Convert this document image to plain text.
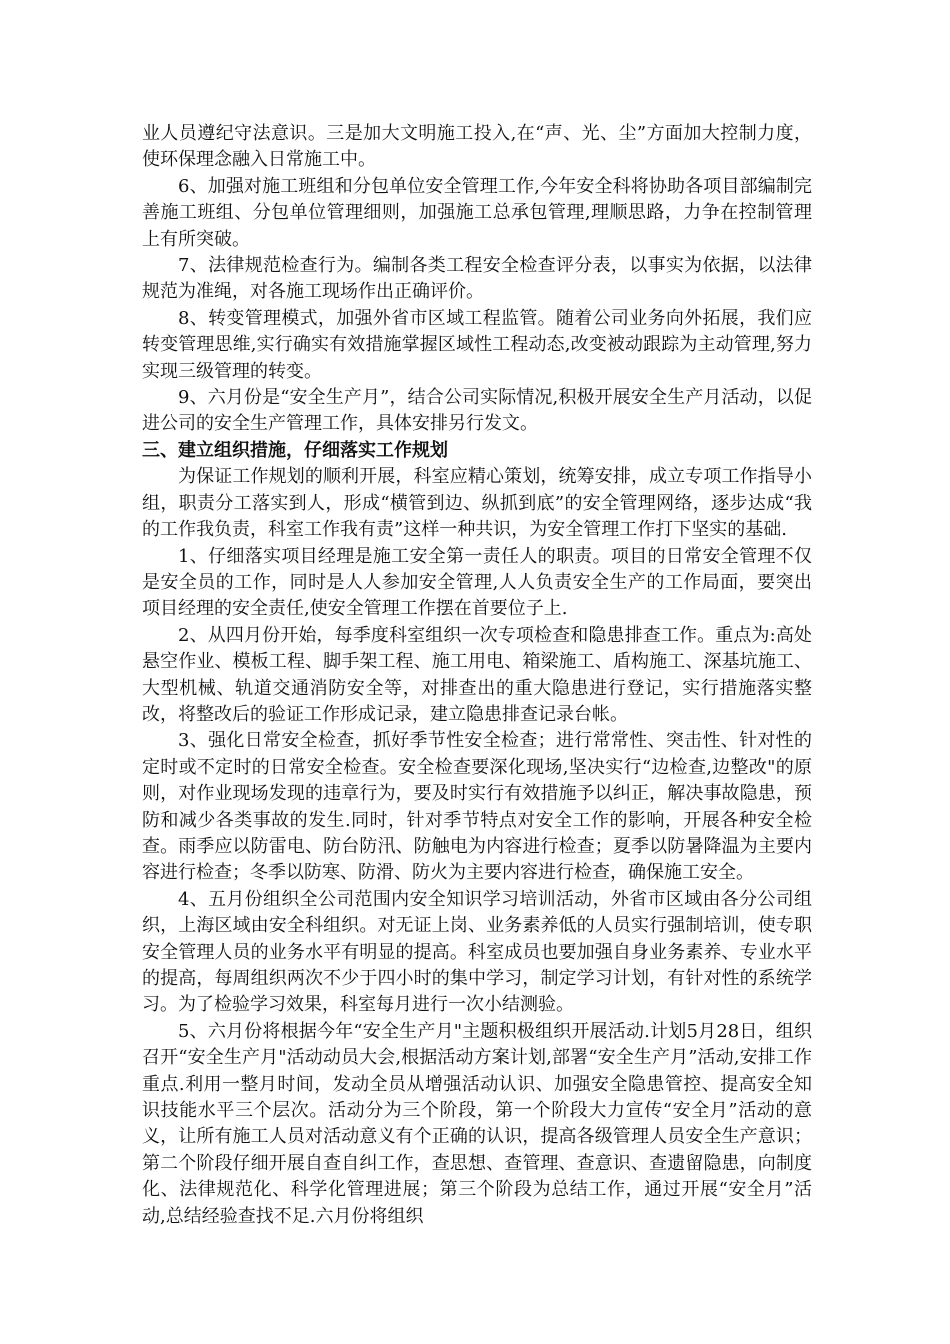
业人员遵纪守法意识。三是加大文明施工投入,在“声、光、尘”方面加大控制力度，使环保理念融入日常施工中。

6、加强对施工班组和分包单位安全管理工作,今年安全科将协助各项目部编制完善施工班组、分包单位管理细则，加强施工总承包管理,理顺思路，力争在控制管理上有所突破。

7、法律规范检查行为。编制各类工程安全检查评分表，以事实为依据，以法律规范为准绳，对各施工现场作出正确评价。

8、转变管理模式，加强外省市区域工程监管。随着公司业务向外拓展，我们应转变管理思维,实行确实有效措施掌握区域性工程动态,改变被动跟踪为主动管理,努力实现三级管理的转变。

9、六月份是“安全生产月”，结合公司实际情况,积极开展安全生产月活动，以促进公司的安全生产管理工作，具体安排另行发文。

三、建立组织措施，仔细落实工作规划

为保证工作规划的顺利开展，科室应精心策划，统筹安排，成立专项工作指导小组，职责分工落实到人，形成“横管到边、纵抓到底”的安全管理网络，逐步达成“我的工作我负责，科室工作我有责”这样一种共识，为安全管理工作打下坚实的基础.

1、仔细落实项目经理是施工安全第一责任人的职责。项目的日常安全管理不仅是安全员的工作，同时是人人参加安全管理,人人负责安全生产的工作局面，要突出项目经理的安全责任,使安全管理工作摆在首要位子上.

2、从四月份开始，每季度科室组织一次专项检查和隐患排查工作。重点为:高处悬空作业、模板工程、脚手架工程、施工用电、箱梁施工、盾构施工、深基坑施工、大型机械、轨道交通消防安全等，对排查出的重大隐患进行登记，实行措施落实整改，将整改后的验证工作形成记录，建立隐患排查记录台帐。

3、强化日常安全检查，抓好季节性安全检查；进行常常性、突击性、针对性的定时或不定时的日常安全检查。安全检查要深化现场,坚决实行“边检查,边整改"的原则，对作业现场发现的违章行为，要及时实行有效措施予以纠正，解决事故隐患，预防和减少各类事故的发生.同时，针对季节特点对安全工作的影响，开展各种安全检查。雨季应以防雷电、防台防汛、防触电为内容进行检查；夏季以防暑降温为主要内容进行检查；冬季以防寒、防滑、防火为主要内容进行检查，确保施工安全。

4、五月份组织全公司范围内安全知识学习培训活动，外省市区域由各分公司组织，上海区域由安全科组织。对无证上岗、业务素养低的人员实行强制培训，使专职安全管理人员的业务水平有明显的提高。科室成员也要加强自身业务素养、专业水平的提高，每周组织两次不少于四小时的集中学习，制定学习计划，有针对性的系统学习。为了检验学习效果，科室每月进行一次小结测验。

5、六月份将根据今年“安全生产月"主题积极组织开展活动.计划5月28日，组织召开“安全生产月"活动动员大会,根据活动方案计划,部署“安全生产月”活动,安排工作重点.利用一整月时间，发动全员从增强活动认识、加强安全隐患管控、提高安全知识技能水平三个层次。活动分为三个阶段，第一个阶段大力宣传“安全月”活动的意义，让所有施工人员对活动意义有个正确的认识，提高各级管理人员安全生产意识；第二个阶段仔细开展自查自纠工作，查思想、查管理、查意识、查遗留隐患，向制度化、法律规范化、科学化管理进展；第三个阶段为总结工作，通过开展“安全月”活动,总结经验查找不足.六月份将组织
